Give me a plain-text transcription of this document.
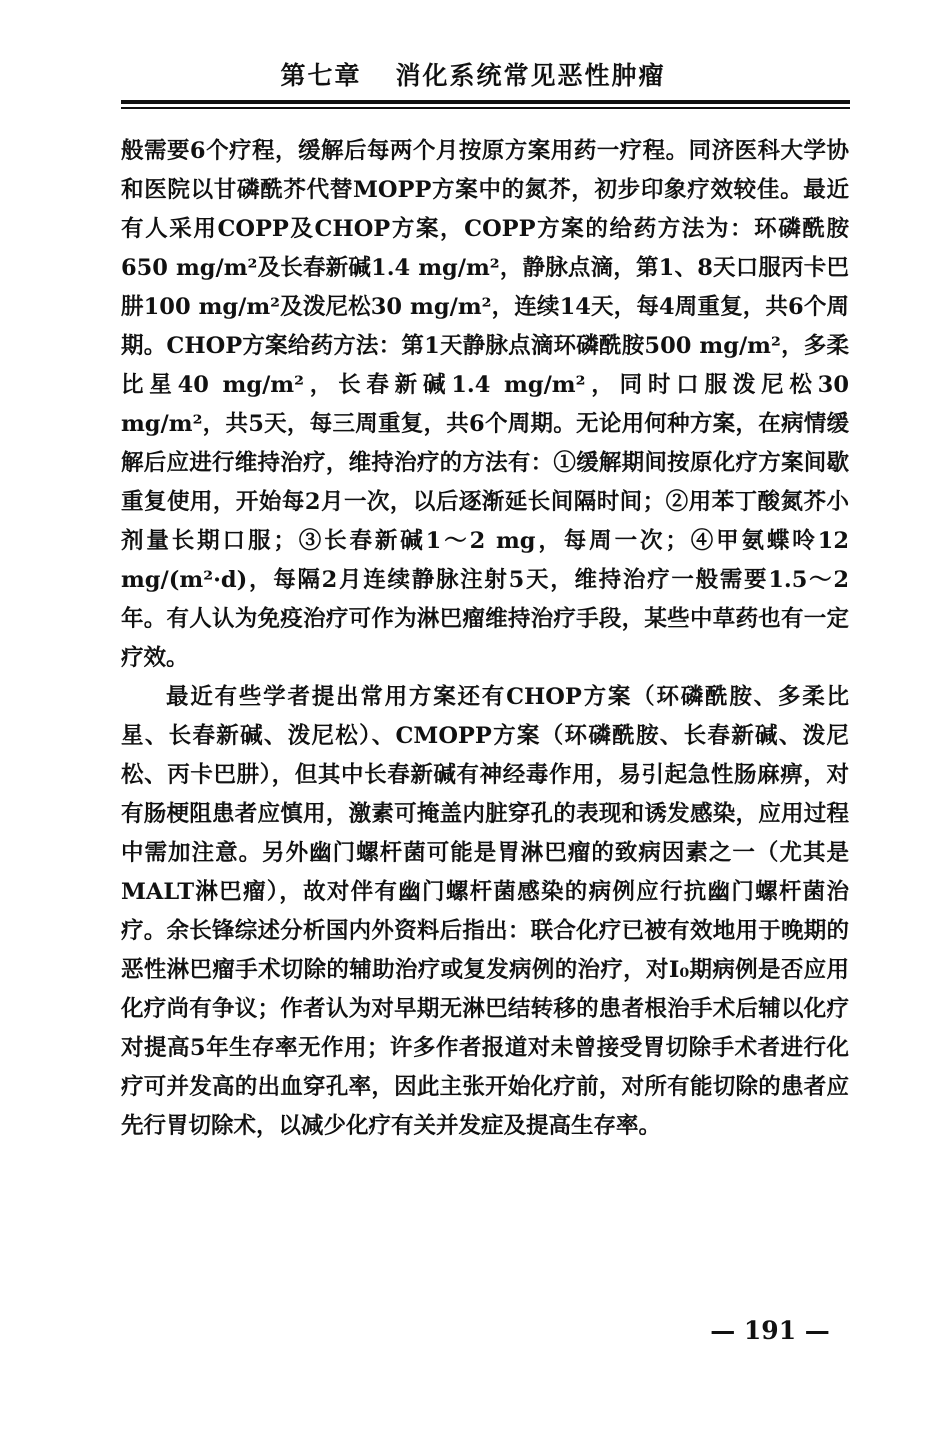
第七章 消化系统常见恶性肿瘤

般需要6个疗程，缓解后每两个月按原方案用药一疗程。同济医科大学协和医院以甘磷酰芥代替MOPP方案中的氮芥，初步印象疗效较佳。最近有人采用COPP及CHOP方案，COPP方案的给药方法为：环磷酰胺650 mg/m²及长春新碱1.4 mg/m²，静脉点滴，第1、8天口服丙卡巴肼100 mg/m²及泼尼松30 mg/m²，连续14天，每4周重复，共6个周期。CHOP方案给药方法：第1天静脉点滴环磷酰胺500 mg/m²，多柔比星40 mg/m²，长春新碱1.4 mg/m²，同时口服泼尼松30 mg/m²，共5天，每三周重复，共6个周期。无论用何种方案，在病情缓解后应进行维持治疗，维持治疗的方法有：①缓解期间按原化疗方案间歇重复使用，开始每2月一次，以后逐渐延长间隔时间；②用苯丁酸氮芥小剂量长期口服；③长春新碱1～2 mg，每周一次；④甲氨蝶呤12 mg/(m²·d)，每隔2月连续静脉注射5天，维持治疗一般需要1.5～2年。有人认为免疫治疗可作为淋巴瘤维持治疗手段，某些中草药也有一定疗效。

最近有些学者提出常用方案还有CHOP方案（环磷酰胺、多柔比星、长春新碱、泼尼松）、CMOPP方案（环磷酰胺、长春新碱、泼尼松、丙卡巴肼），但其中长春新碱有神经毒作用，易引起急性肠麻痹，对有肠梗阻患者应慎用，激素可掩盖内脏穿孔的表现和诱发感染，应用过程中需加注意。另外幽门螺杆菌可能是胃淋巴瘤的致病因素之一（尤其是MALT淋巴瘤），故对伴有幽门螺杆菌感染的病例应行抗幽门螺杆菌治疗。余长锋综述分析国内外资料后指出：联合化疗已被有效地用于晚期的恶性淋巴瘤手术切除的辅助治疗或复发病例的治疗，对I₀期病例是否应用化疗尚有争议；作者认为对早期无淋巴结转移的患者根治手术后辅以化疗对提高5年生存率无作用；许多作者报道对未曾接受胃切除手术者进行化疗可并发高的出血穿孔率，因此主张开始化疗前，对所有能切除的患者应先行胃切除术，以减少化疗有关并发症及提高生存率。

— 191 —
